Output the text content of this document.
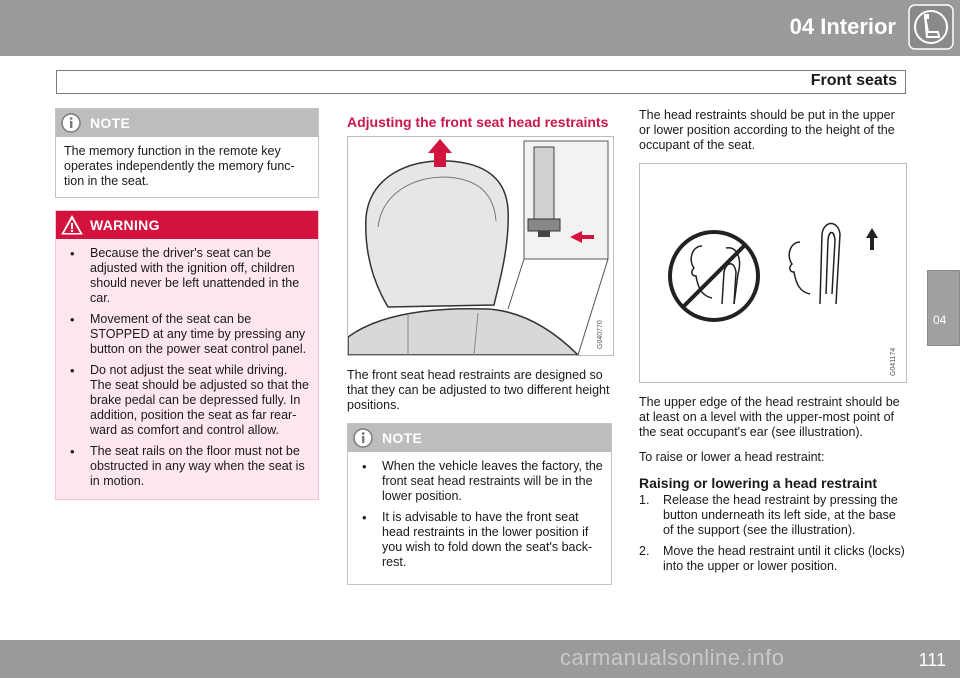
04 Interior
Front seats
04
NOTE
The memory function in the remote key operates independently the memory func-tion in the seat.
WARNING
• Because the driver's seat can be adjusted with the ignition off, children should never be left unattended in the car.
• Movement of the seat can be STOPPED at any time by pressing any button on the power seat control panel.
• Do not adjust the seat while driving. The seat should be adjusted so that the brake pedal can be depressed fully. In addition, position the seat as far rear-ward as comfort and control allow.
• The seat rails on the floor must not be obstructed in any way when the seat is in motion.
Adjusting the front seat head restraints
G040770

The front seat head restraints are designed so that they can be adjusted to two different height positions.

NOTE
• When the vehicle leaves the factory, the front seat head restraints will be in the lower position.
• It is advisable to have the front seat head restraints in the lower position if you wish to fold down the seat's back-rest.

The head restraints should be put in the upper or lower position according to the height of the occupant of the seat.

G041174

The upper edge of the head restraint should be at least on a level with the upper-most point of the seat occupant's ear (see illustration).

To raise or lower a head restraint:

Raising or lowering a head restraint
1. Release the head restraint by pressing the button underneath its left side, at the base of the support (see the illustration).
2. Move the head restraint until it clicks (locks) into the upper or lower position.
111
carmanualsonline.info
